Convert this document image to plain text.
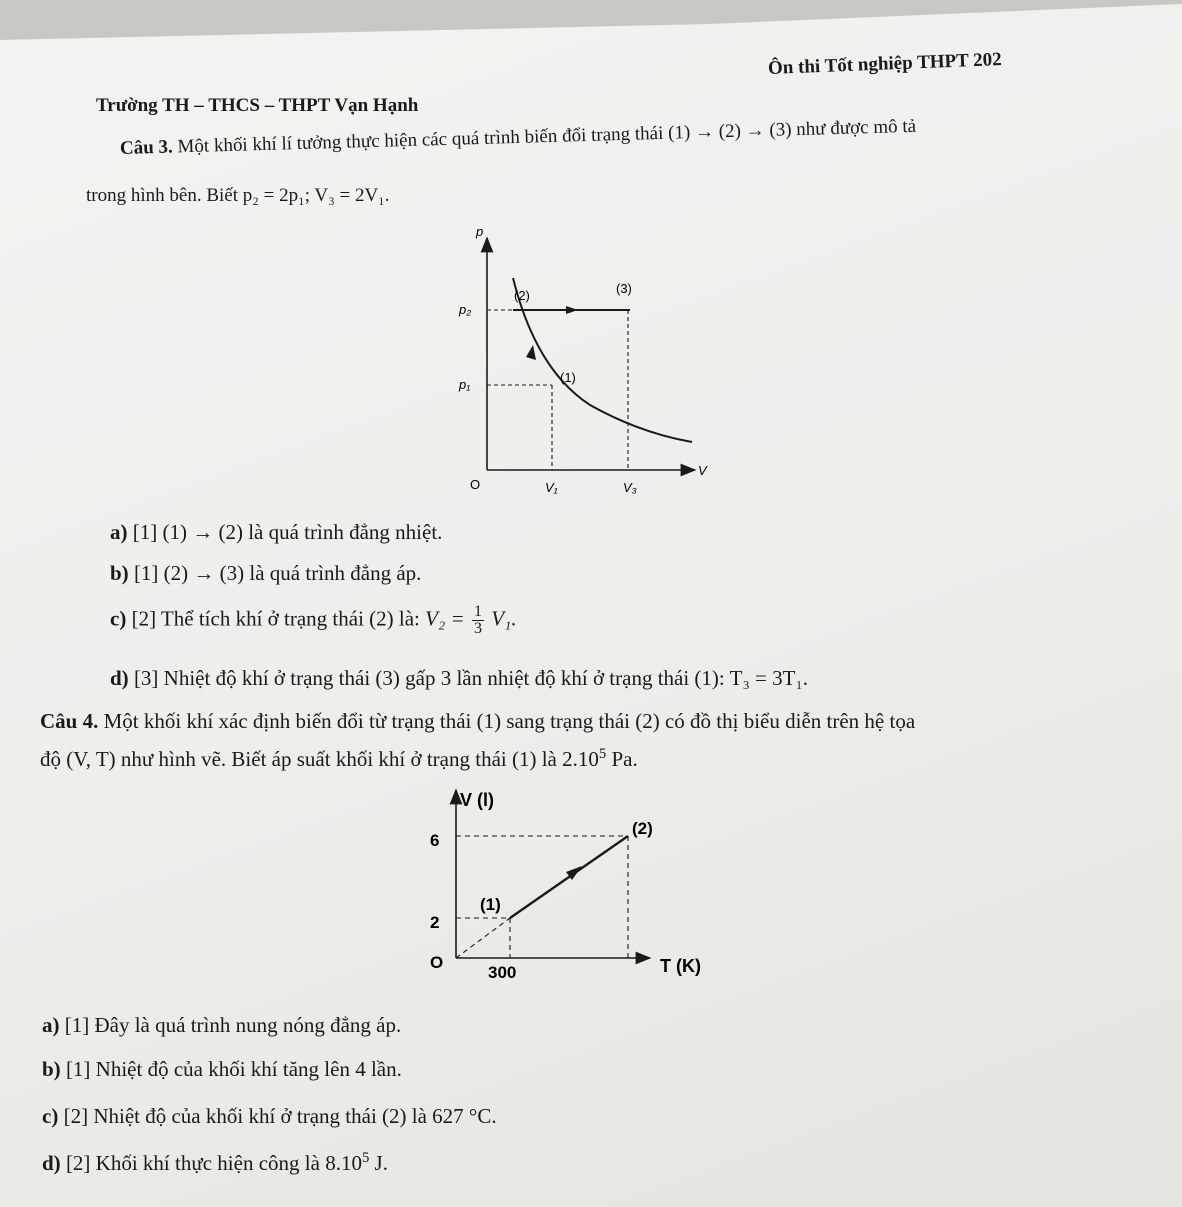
Ôn thi Tốt nghiệp THPT 202
Trường TH – THCS – THPT Vạn Hạnh
Câu 3. Một khối khí lí tưởng thực hiện các quá trình biến đổi trạng thái (1) → (2) → (3) như được mô tả
trong hình bên. Biết p₂ = 2p₁; V₃ = 2V₁.
p
V
O
p₂
p₁
V₁	V₃
(2)	(3)
(1)
a) [1] (1) → (2) là quá trình đẳng nhiệt.
b) [1] (2) → (3) là quá trình đẳng áp.
c) [2] Thể tích khí ở trạng thái (2) là: $V_2 = \frac{1}{3} V_1$.
d) [3] Nhiệt độ khí ở trạng thái (3) gấp 3 lần nhiệt độ khí ở trạng thái (1): T₃ = 3T₁.
Câu 4. Một khối khí xác định biến đổi từ trạng thái (1) sang trạng thái (2) có đồ thị biểu diễn trên hệ tọa
độ (V, T) như hình vẽ. Biết áp suất khối khí ở trạng thái (1) là 2.10$^5$ Pa.
V (l)
T (K)
O
6
2
300
(1)
(2)
a) [1] Đây là quá trình nung nóng đẳng áp.
b) [1] Nhiệt độ của khối khí tăng lên 4 lần.
c) [2] Nhiệt độ của khối khí ở trạng thái (2) là 627 °C.
d) [2] Khối khí thực hiện công là 8.10$^5$ J.
